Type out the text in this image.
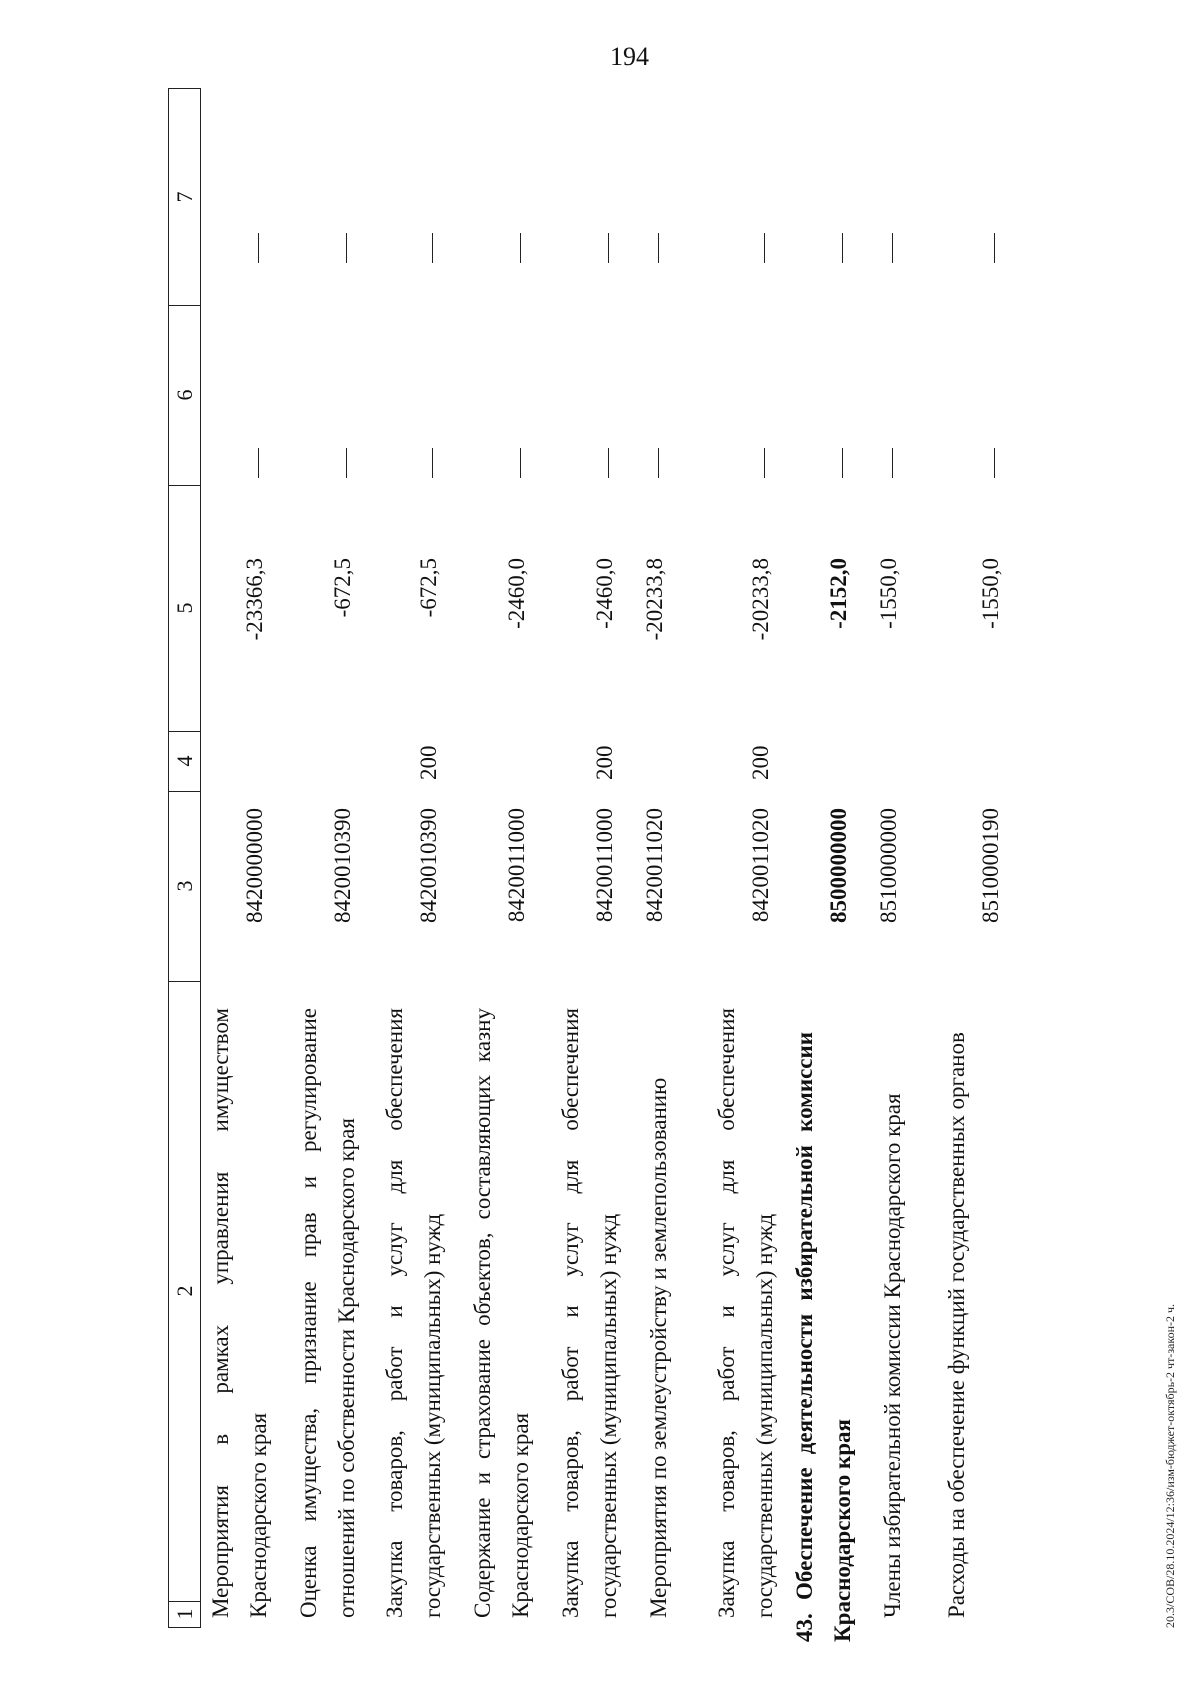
194
1
2
3
4
5
6
7
Мероприятия в рамках управления имуществом Краснодарского края
8420000000
-23366,3
Оценка имущества, признание прав и регулирование отношений по собственности Краснодарского края
8420010390
-672,5
Закупка товаров, работ и услуг для обеспечения государственных (муниципальных) нужд
8420010390
200
-672,5
Содержание и страхование объектов, составляющих казну Краснодарского края
8420011000
-2460,0
Закупка товаров, работ и услуг для обеспечения государственных (муниципальных) нужд
8420011000
200
-2460,0
Мероприятия по землеустройству и землепользованию
8420011020
-20233,8
Закупка товаров, работ и услуг для обеспечения государственных (муниципальных) нужд
8420011020
200
-20233,8
43. Обеспечение деятельности избирательной комиссии Краснодарского края
8500000000
-2152,0
Члены избирательной комиссии Краснодарского края
8510000000
-1550,0
Расходы на обеспечение функций государственных органов
8510000190
-1550,0
20.3/СОВ/28.10.2024/12:36/изм-бюджет-октябрь-2 чт-закон-2 ч.
